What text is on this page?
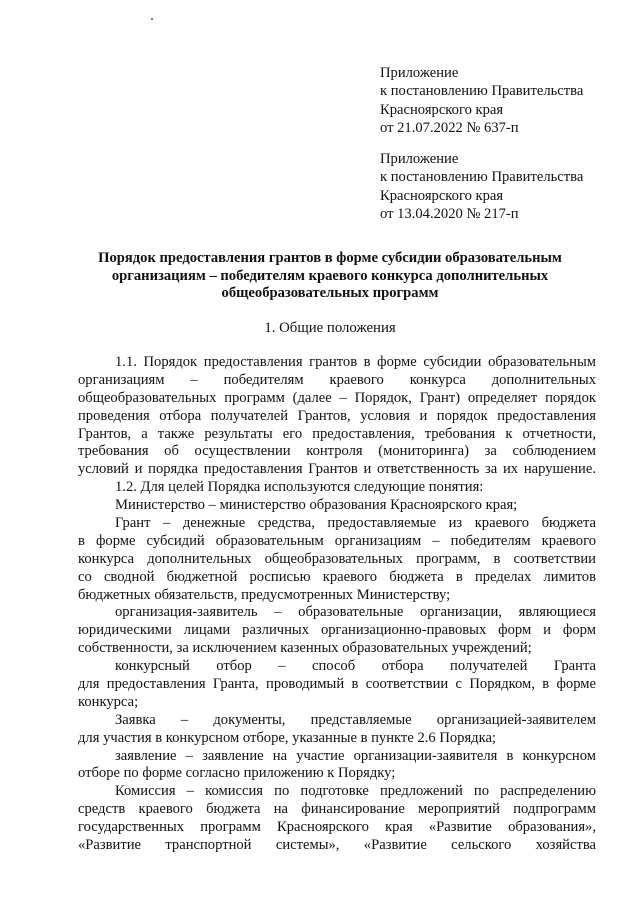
Приложение
к постановлению Правительства
Красноярского края
от 21.07.2022 № 637-п
Приложение
к постановлению Правительства
Красноярского края
от 13.04.2020 № 217-п
Порядок предоставления грантов в форме субсидии образовательным
организациям – победителям краевого конкурса дополнительных
общеобразовательных программ
1. Общие положения
1.1. Порядок предоставления грантов в форме субсидии образовательным
организациям – победителям краевого конкурса дополнительных
общеобразовательных программ (далее – Порядок, Грант) определяет порядок
проведения отбора получателей Грантов, условия и порядок предоставления
Грантов, а также результаты его предоставления, требования к отчетности,
требования об осуществлении контроля (мониторинга) за соблюдением
условий и порядка предоставления Грантов и ответственность за их нарушение.
1.2. Для целей Порядка используются следующие понятия:
Министерство – министерство образования Красноярского края;
Грант – денежные средства, предоставляемые из краевого бюджета
в форме субсидий образовательным организациям – победителям краевого
конкурса дополнительных общеобразовательных программ, в соответствии
со сводной бюджетной росписью краевого бюджета в пределах лимитов
бюджетных обязательств, предусмотренных Министерству;
организация-заявитель – образовательные организации, являющиеся
юридическими лицами различных организационно-правовых форм и форм
собственности, за исключением казенных образовательных учреждений;
конкурсный отбор – способ отбора получателей Гранта
для предоставления Гранта, проводимый в соответствии с Порядком, в форме
конкурса;
Заявка – документы, представляемые организацией-заявителем
для участия в конкурсном отборе, указанные в пункте 2.6 Порядка;
заявление – заявление на участие организации-заявителя в конкурсном
отборе по форме согласно приложению к Порядку;
Комиссия – комиссия по подготовке предложений по распределению
средств краевого бюджета на финансирование мероприятий подпрограмм
государственных программ Красноярского края «Развитие образования»,
«Развитие транспортной системы», «Развитие сельского хозяйства
